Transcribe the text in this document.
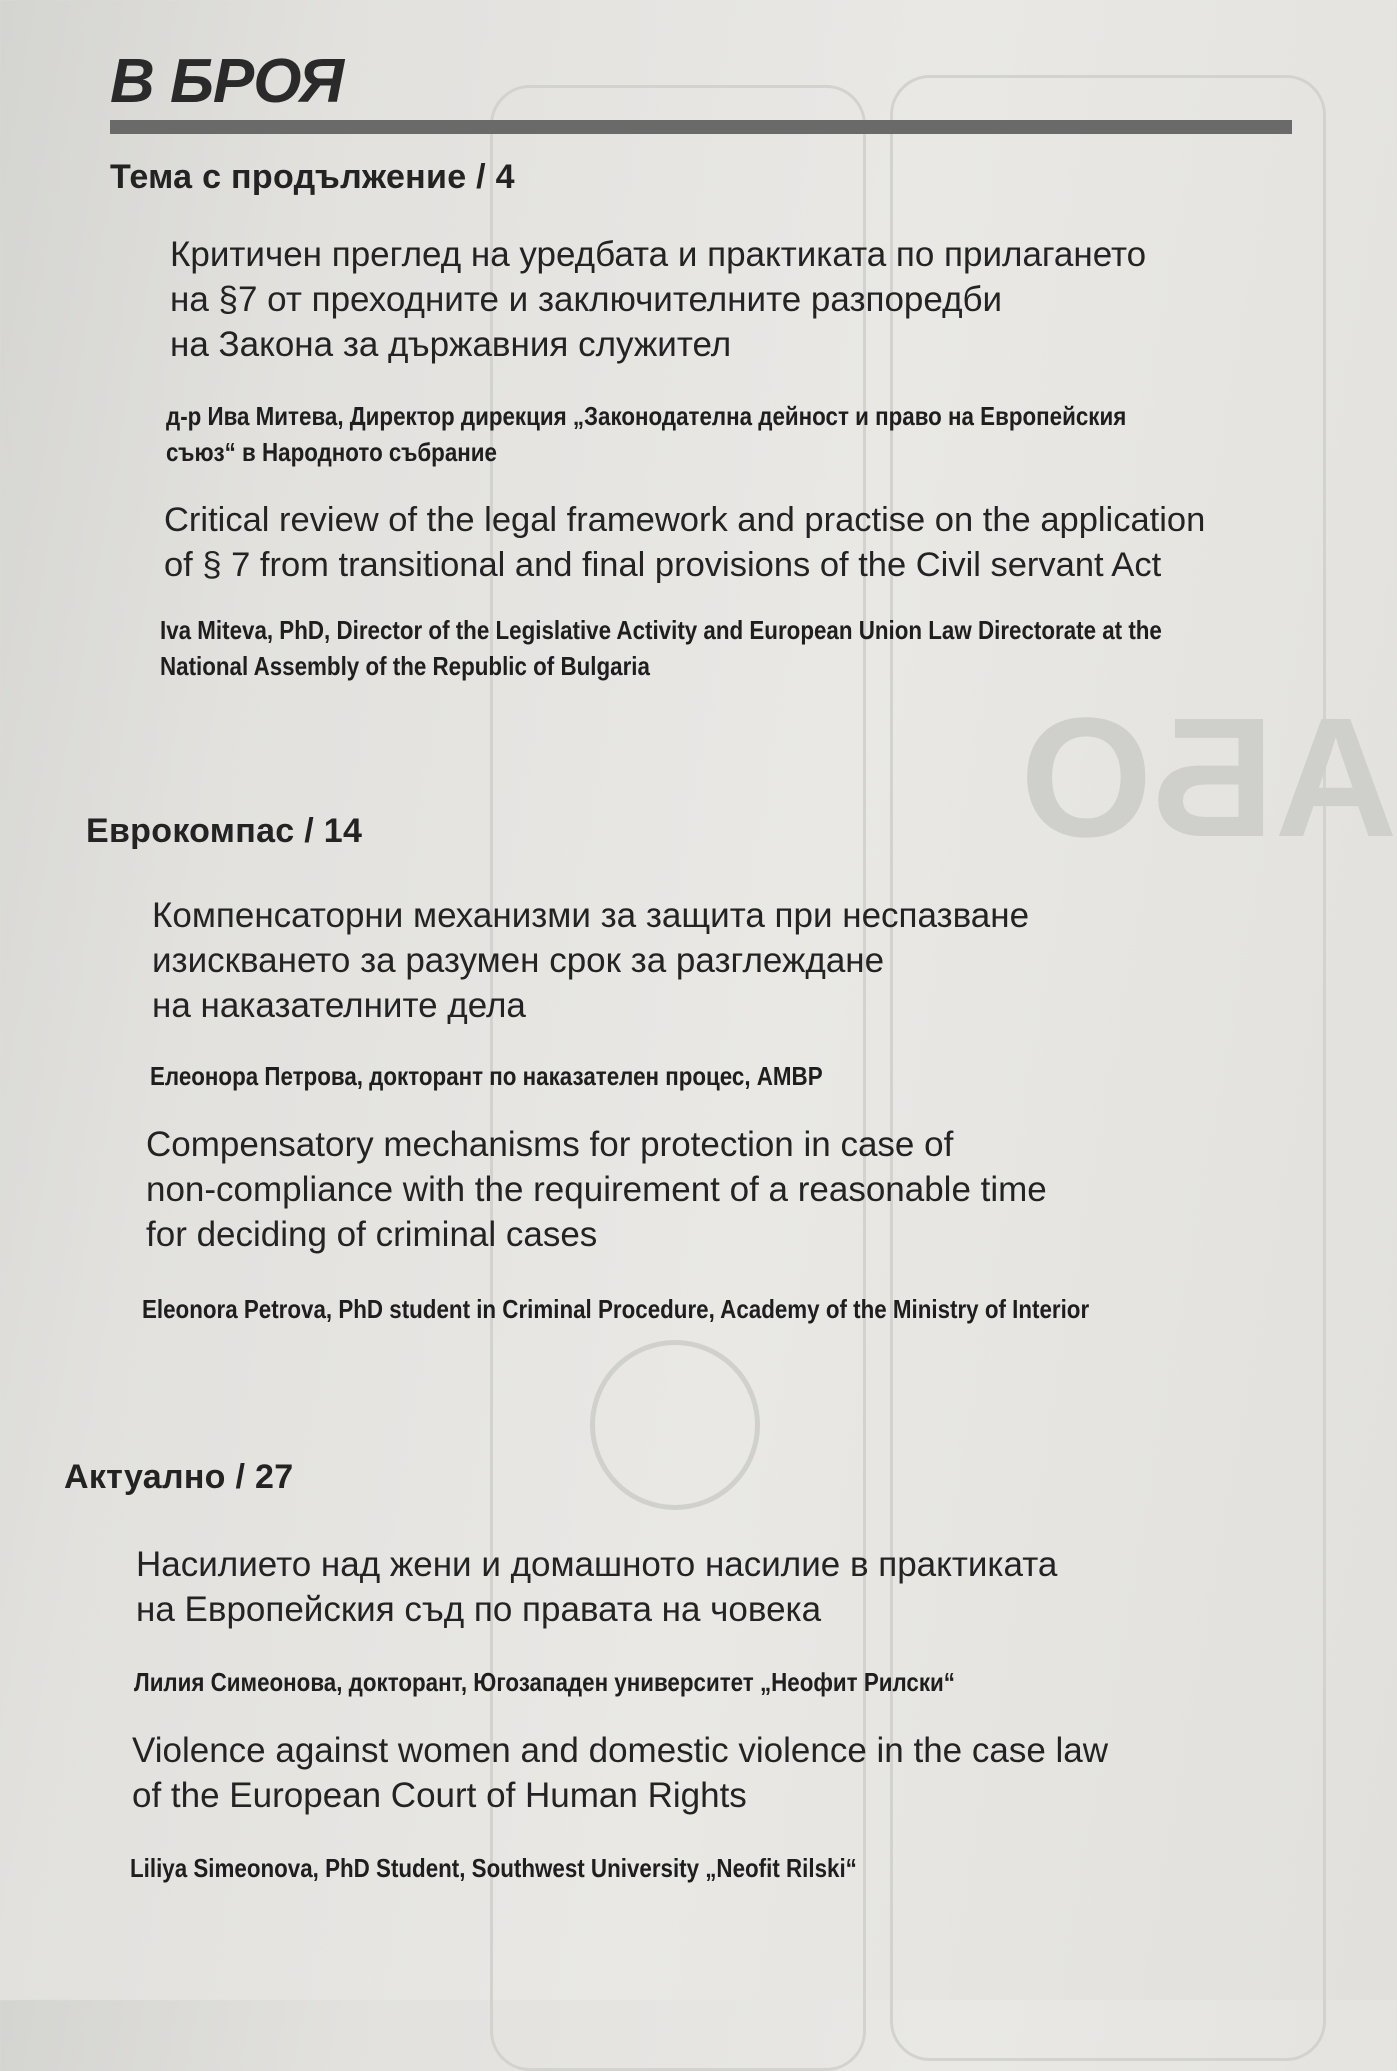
АБО
В БРОЯ
Тема с продължение / 4

Критичен преглед на уредбата и практиката по прилагането

на §7 от преходните и заключителните разпоредби

на Закона за държавния служител

д-р Ива Митева, Директор дирекция „Законодателна дейност и право на Европейския

съюз“ в Народното събрание

Critical review of the legal framework and practise on the application

of § 7 from transitional and final provisions of the Civil servant Act

Iva Miteva, PhD, Director of the Legislative Activity and European Union Law Directorate at the

National Assembly of the Republic of Bulgaria

Еврокомпас / 14

Компенсаторни механизми за защита при неспазване

изискването за разумен срок за разглеждане

на наказателните дела

Елеонора Петрова, докторант по наказателен процес, АМВР

Compensatory mechanisms for protection in case of

non-compliance with the requirement of a reasonable time

for deciding of criminal cases

Eleonora Petrova, PhD student in Criminal Procedure, Academy of the Ministry of Interior

Актуално / 27

Насилието над жени и домашното насилие в практиката

на Европейския съд по правата на човека

Лилия Симеонова, докторант, Югозападен университет „Неофит Рилски“

Violence against women and domestic violence in the case law

of the European Court of Human Rights

Liliya Simeonova, PhD Student, Southwest University „Neofit Rilski“
